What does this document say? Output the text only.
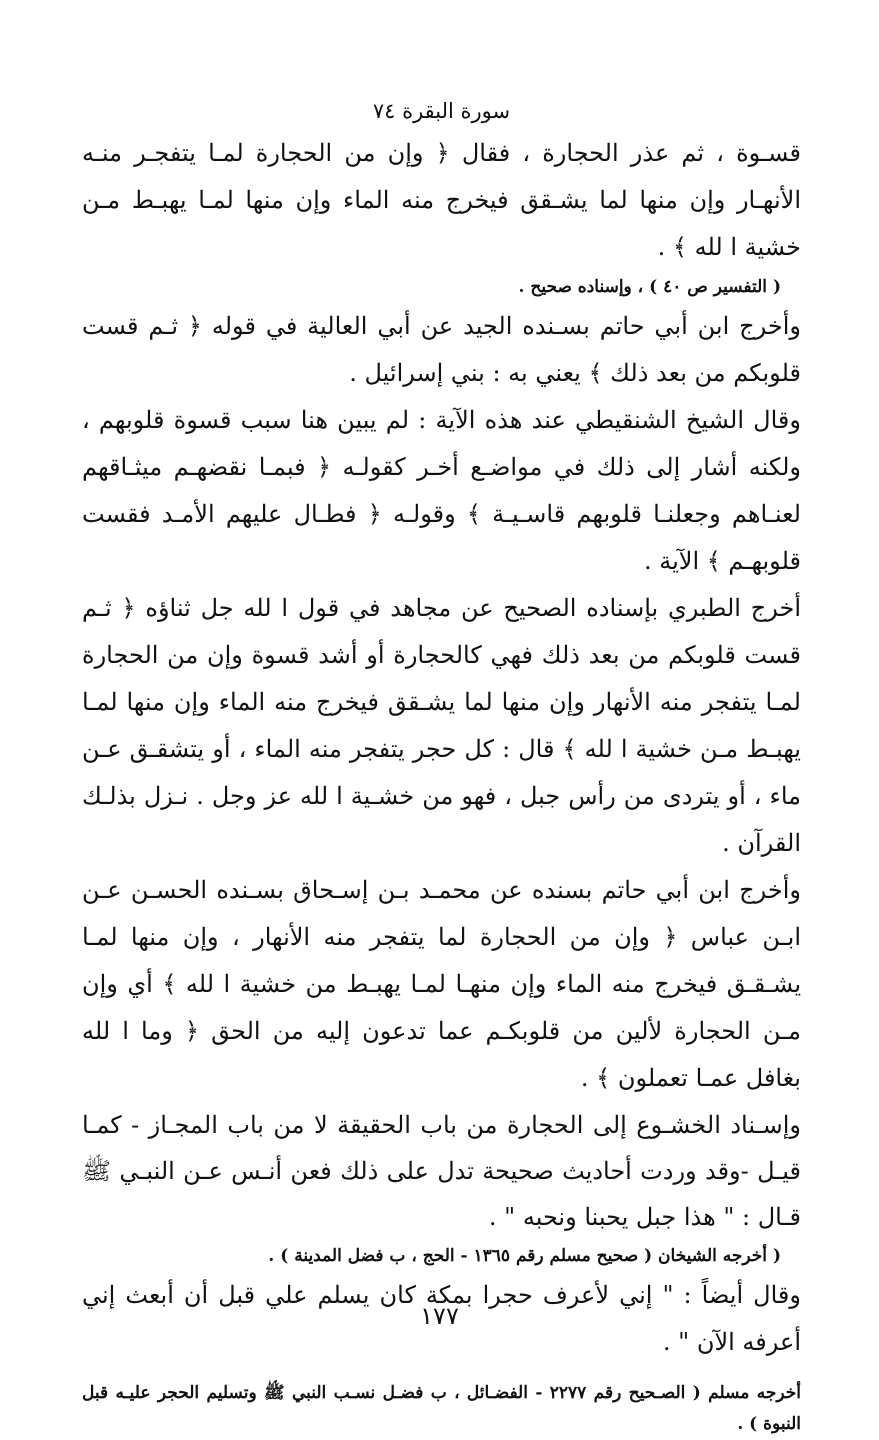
سورة البقرة ٧٤

قسـوة ، ثم عذر الحجارة ، فقال ﴿ وإن من الحجارة لمـا يتفجـر منـه الأنهـار وإن منها لما يشـقق فيخرج منه الماء وإن منها لمـا يهبـط مـن خشية ا لله ﴾ .

( التفسير ص ٤٠ ) ، وإسناده صحيح .

وأخرج ابن أبي حاتم بسـنده الجيد عن أبي العالية في قوله ﴿ ثـم قست قلوبكم من بعد ذلك ﴾ يعني به : بني إسرائيل .

وقال الشيخ الشنقيطي عند هذه الآية : لم يبين هنا سبب قسوة قلوبهم ، ولكنه أشار إلى ذلك في مواضـع أخـر كقولـه ﴿ فبمـا نقضهـم ميثـاقهم لعنـاهم وجعلنـا قلوبهم قاسـيـة ﴾ وقولـه ﴿ فطـال عليهم الأمـد فقست قلوبهـم ﴾ الآية .

أخرج الطبري بإسناده الصحيح عن مجاهد في قول ا لله جل ثناؤه ﴿ ثـم قست قلوبكم من بعد ذلك فهي كالحجارة أو أشد قسوة وإن من الحجارة لمـا يتفجر منه الأنهار وإن منها لما يشـقق فيخرج منه الماء وإن منها لمـا يهبـط مـن خشية ا لله ﴾ قال : كل حجر يتفجر منه الماء ، أو يتشقـق عـن ماء ، أو يتردى من رأس جبل ، فهو من خشـية ا لله عز وجل . نـزل بذلـك القرآن .

وأخرج ابن أبي حاتم بسنده عن محمـد بـن إسـحاق بسـنده الحسـن عـن ابـن عباس ﴿ وإن من الحجارة لما يتفجر منه الأنهار ، وإن منها لمـا يشـقـق فيخرج منه الماء وإن منهـا لمـا يهبـط من خشية ا لله ﴾ أي وإن مـن الحجارة لألين من قلوبكـم عما تدعون إليه من الحق ﴿ وما ا لله بغافل عمـا تعملون ﴾ .

وإسـناد الخشـوع إلى الحجارة من باب الحقيقة لا من باب المجـاز - كمـا قيـل -وقد وردت أحاديث صحيحة تدل على ذلك فعن أنـس عـن النبـي ﷺ قـال : " هذا جبل يحبنا ونحبه " .

( أخرجه الشيخان ( صحيح مسلم رقم ١٣٦٥ - الحج ، ب فضل المدينة ) .

وقال أيضاً : " إني لأعرف حجرا بمكة كان يسلم علي قبل أن أبعث إني أعرفه الآن " .

أخرجه مسلم ( الصـحيح رقم ٢٢٧٧ - الفضـائل ، ب فضـل نسـب النبي ﷺ وتسليم الحجر عليـه قبل النبوة ) .

١٧٧
